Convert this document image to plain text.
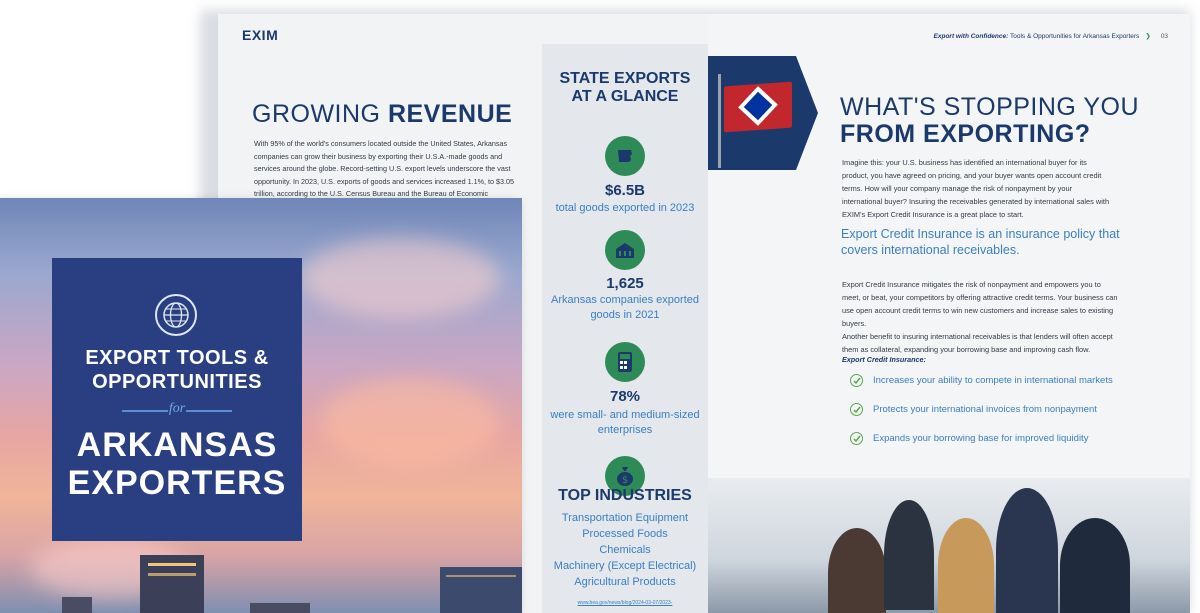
EXIM
GROWING REVENUE
With 95% of the world's consumers located outside the United States, Arkansas companies can grow their business by exporting their U.S.A.-made goods and services around the globe. Record-setting U.S. export levels underscore the vast opportunity. In 2023, U.S. exports of goods and services increased 1.1%, to $3.05 trillion, according to the U.S. Census Bureau and the Bureau of Economic
STATE EXPORTS
AT A GLANCE
$6.5B
total goods exported in 2023
1,625
Arkansas companies exported goods in 2021
78%
were small- and medium-sized enterprises
$
TOP INDUSTRIES
Transportation Equipment
Processed Foods
Chemicals
Machinery (Except Electrical)
Agricultural Products
www.bea.gov/news/blog/2024-03-07/2023-
Export with Confidence: Tools & Opportunities for Arkansas Exporters ❯ 03
WHAT'S STOPPING YOU
FROM EXPORTING?
Imagine this: your U.S. business has identified an international buyer for its product, you have agreed on pricing, and your buyer wants open account credit terms. How will your company manage the risk of nonpayment by your international buyer? Insuring the receivables generated by international sales with EXIM's Export Credit Insurance is a great place to start.
Export Credit Insurance is an insurance policy that covers international receivables.
Export Credit Insurance mitigates the risk of nonpayment and empowers you to meet, or beat, your competitors by offering attractive credit terms. Your business can use open account credit terms to win new customers and increase sales to existing buyers.
Another benefit to insuring international receivables is that lenders will often accept them as collateral, expanding your borrowing base and improving cash flow.
Export Credit Insurance:
Increases your ability to compete in international markets
Protects your international invoices from nonpayment
Expands your borrowing base for improved liquidity
EXPORT TOOLS &
OPPORTUNITIES
for
ARKANSAS
EXPORTERS
